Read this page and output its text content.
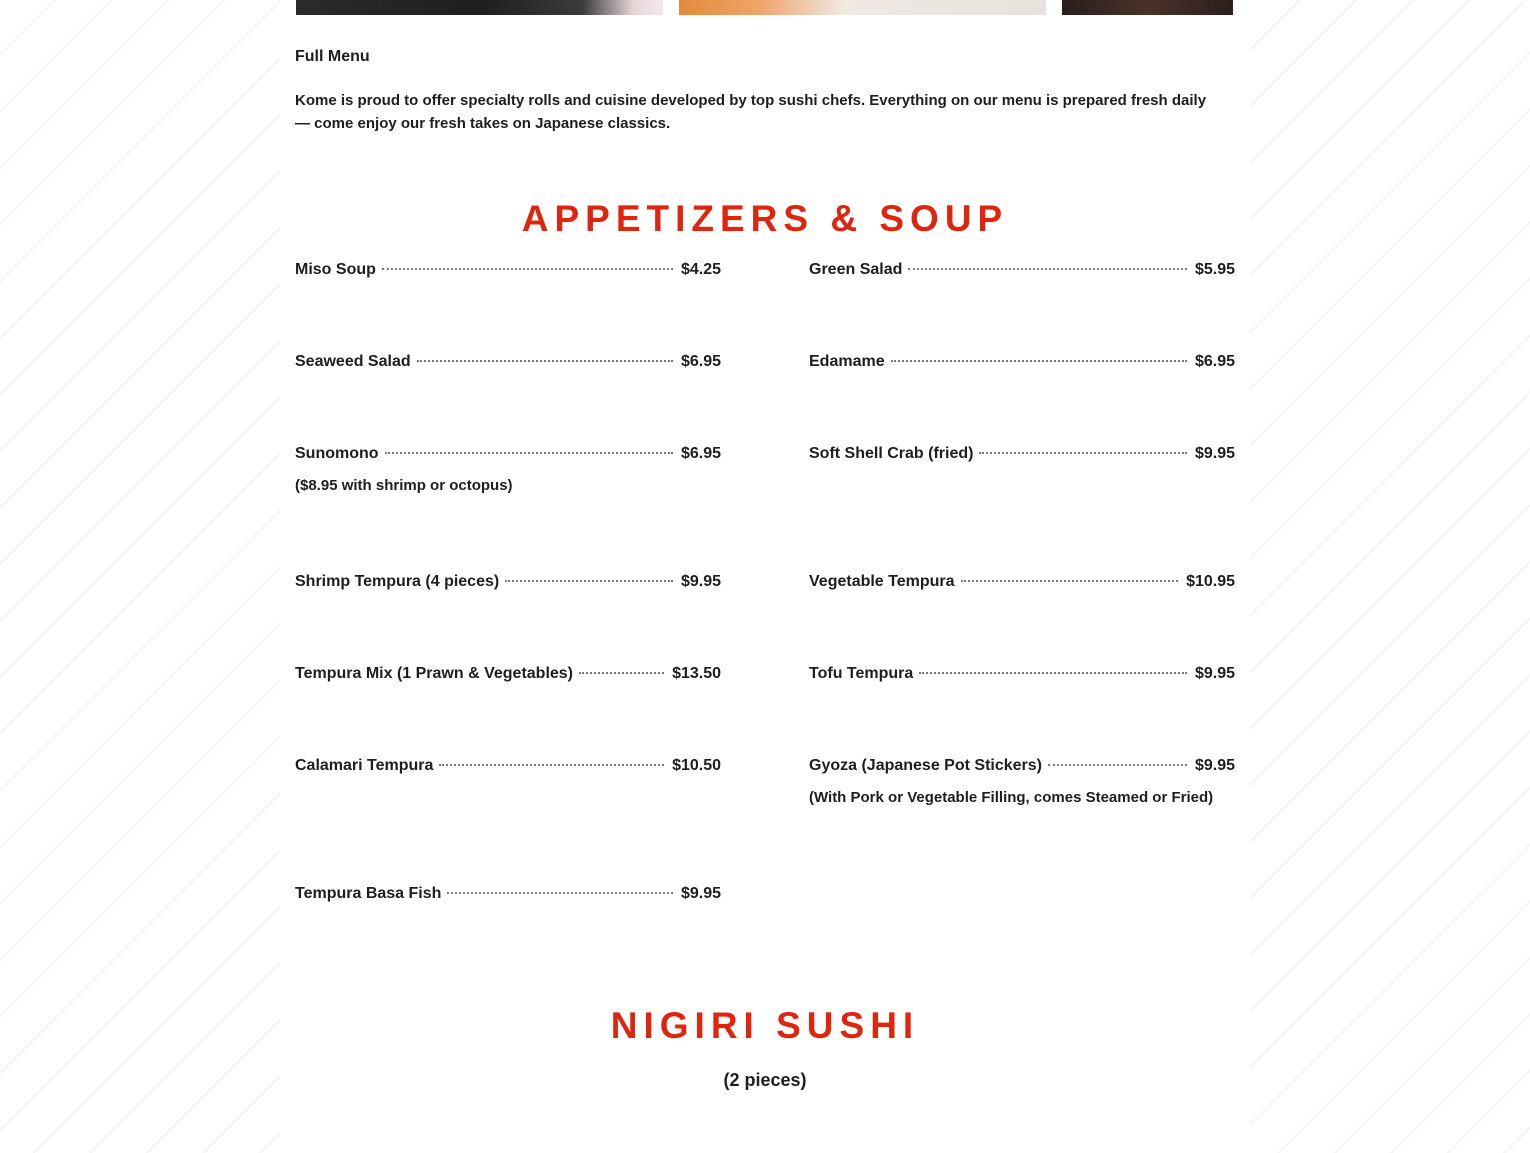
Full Menu
Kome is proud to offer specialty rolls and cuisine developed by top sushi chefs. Everything on our menu is prepared fresh daily — come enjoy our fresh takes on Japanese classics.
APPETIZERS & SOUP
Miso Soup	$4.25	Green Salad	$5.95
Seaweed Salad	$6.95	Edamame	$6.95
Sunomono	$6.95
($8.95 with shrimp or octopus)
Soft Shell Crab (fried)	$9.95
Shrimp Tempura (4 pieces)	$9.95	Vegetable Tempura	$10.95
Tempura Mix (1 Prawn & Vegetables)	$13.50	Tofu Tempura	$9.95
Calamari Tempura	$10.50	Gyoza (Japanese Pot Stickers)	$9.95
(With Pork or Vegetable Filling, comes Steamed or Fried)
Tempura Basa Fish	$9.95
NIGIRI SUSHI
(2 pieces)
